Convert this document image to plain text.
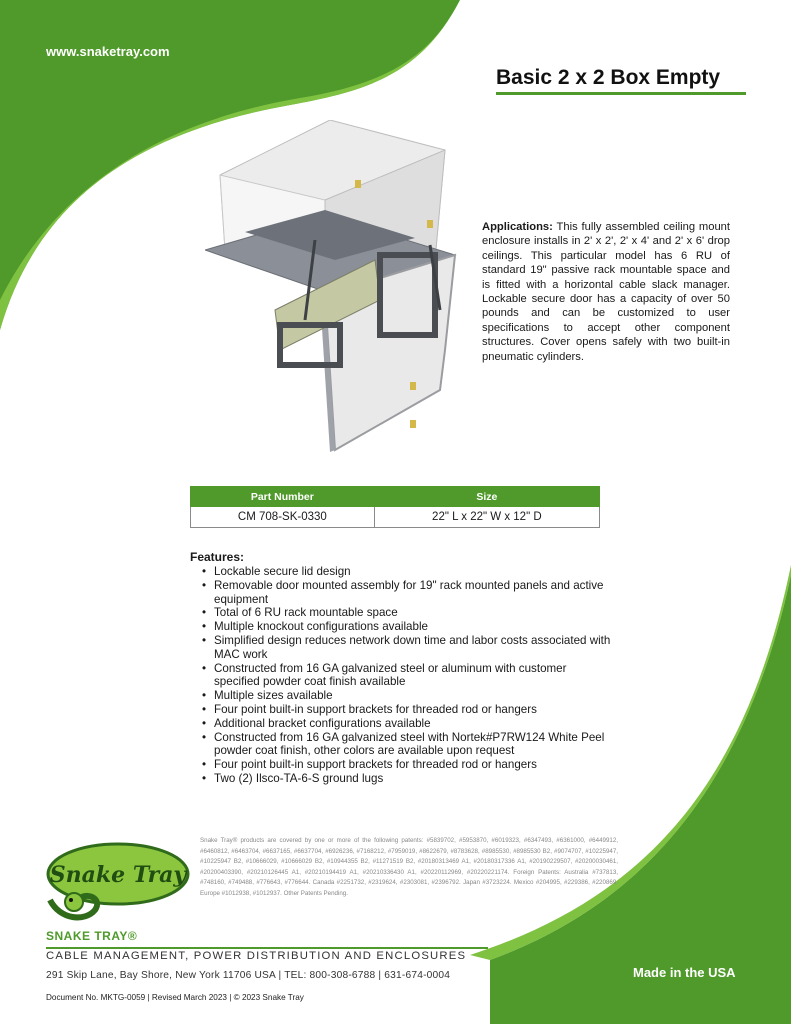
www.snaketray.com
Basic 2 x 2 Box Empty
Applications: This fully assembled ceiling mount enclosure installs in 2' x 2', 2' x 4' and 2' x 6' drop ceilings. This particular model has 6 RU of standard 19" passive rack mountable space and is fitted with a horizontal cable slack manager. Lockable secure door has a capacity of over 50 pounds and can be customized to user specifications to accept other component structures. Cover opens safely with two built-in pneumatic cylinders.
Part Number	Size
CM 708-SK-0330	22" L x 22" W x 12" D
Features:
• Lockable secure lid design
• Removable door mounted assembly for 19" rack mounted panels and active equipment
• Total of 6 RU rack mountable space
• Multiple knockout configurations available
• Simplified design reduces network down time and labor costs associated with MAC work
• Constructed from 16 GA galvanized steel or aluminum with customer specified powder coat finish available
• Multiple sizes available
• Four point built-in support brackets for threaded rod or hangers
• Additional bracket configurations available
• Constructed from 16 GA galvanized steel with Nortek#P7RW124 White Peel powder coat finish, other colors are available upon request
• Four point built-in support brackets for threaded rod or hangers
• Two (2) Ilsco-TA-6-S ground lugs
Snake Tray® products are covered by one or more of the following patents: #5839702, #5953870, #6019323, #6347493, #6361000, #6449912, #6460812, #6463704, #6637165, #6637704, #6926236, #7168212, #7959019, #8622679, #8783628, #8985530, #8985530 B2, #9074707, #10225947, #10225947 B2, #10666029, #10666029 B2, #10944355 B2, #11271519 B2, #20180313469 A1, #20180317336 A1, #20190229507, #20200030461, #20200403390, #20210126445 A1, #20210194419 A1, #20210336430 A1, #20220112969, #20220221174. Foreign Patents: Australia #737813, #748160, #749488, #776643, #776644. Canada #2251732, #2319624, #2303081, #2396792. Japan #3723224. Mexico #204995, #229386, #220869. Europe #1012938, #1012937. Other Patents Pending.
Snake Tray
SNAKE TRAY®
CABLE MANAGEMENT, POWER DISTRIBUTION AND ENCLOSURES
291 Skip Lane, Bay Shore, New York 11706 USA | TEL: 800-308-6788 | 631-674-0004	Made in the USA
Document No. MKTG-0059 | Revised March 2023 | © 2023 Snake Tray
